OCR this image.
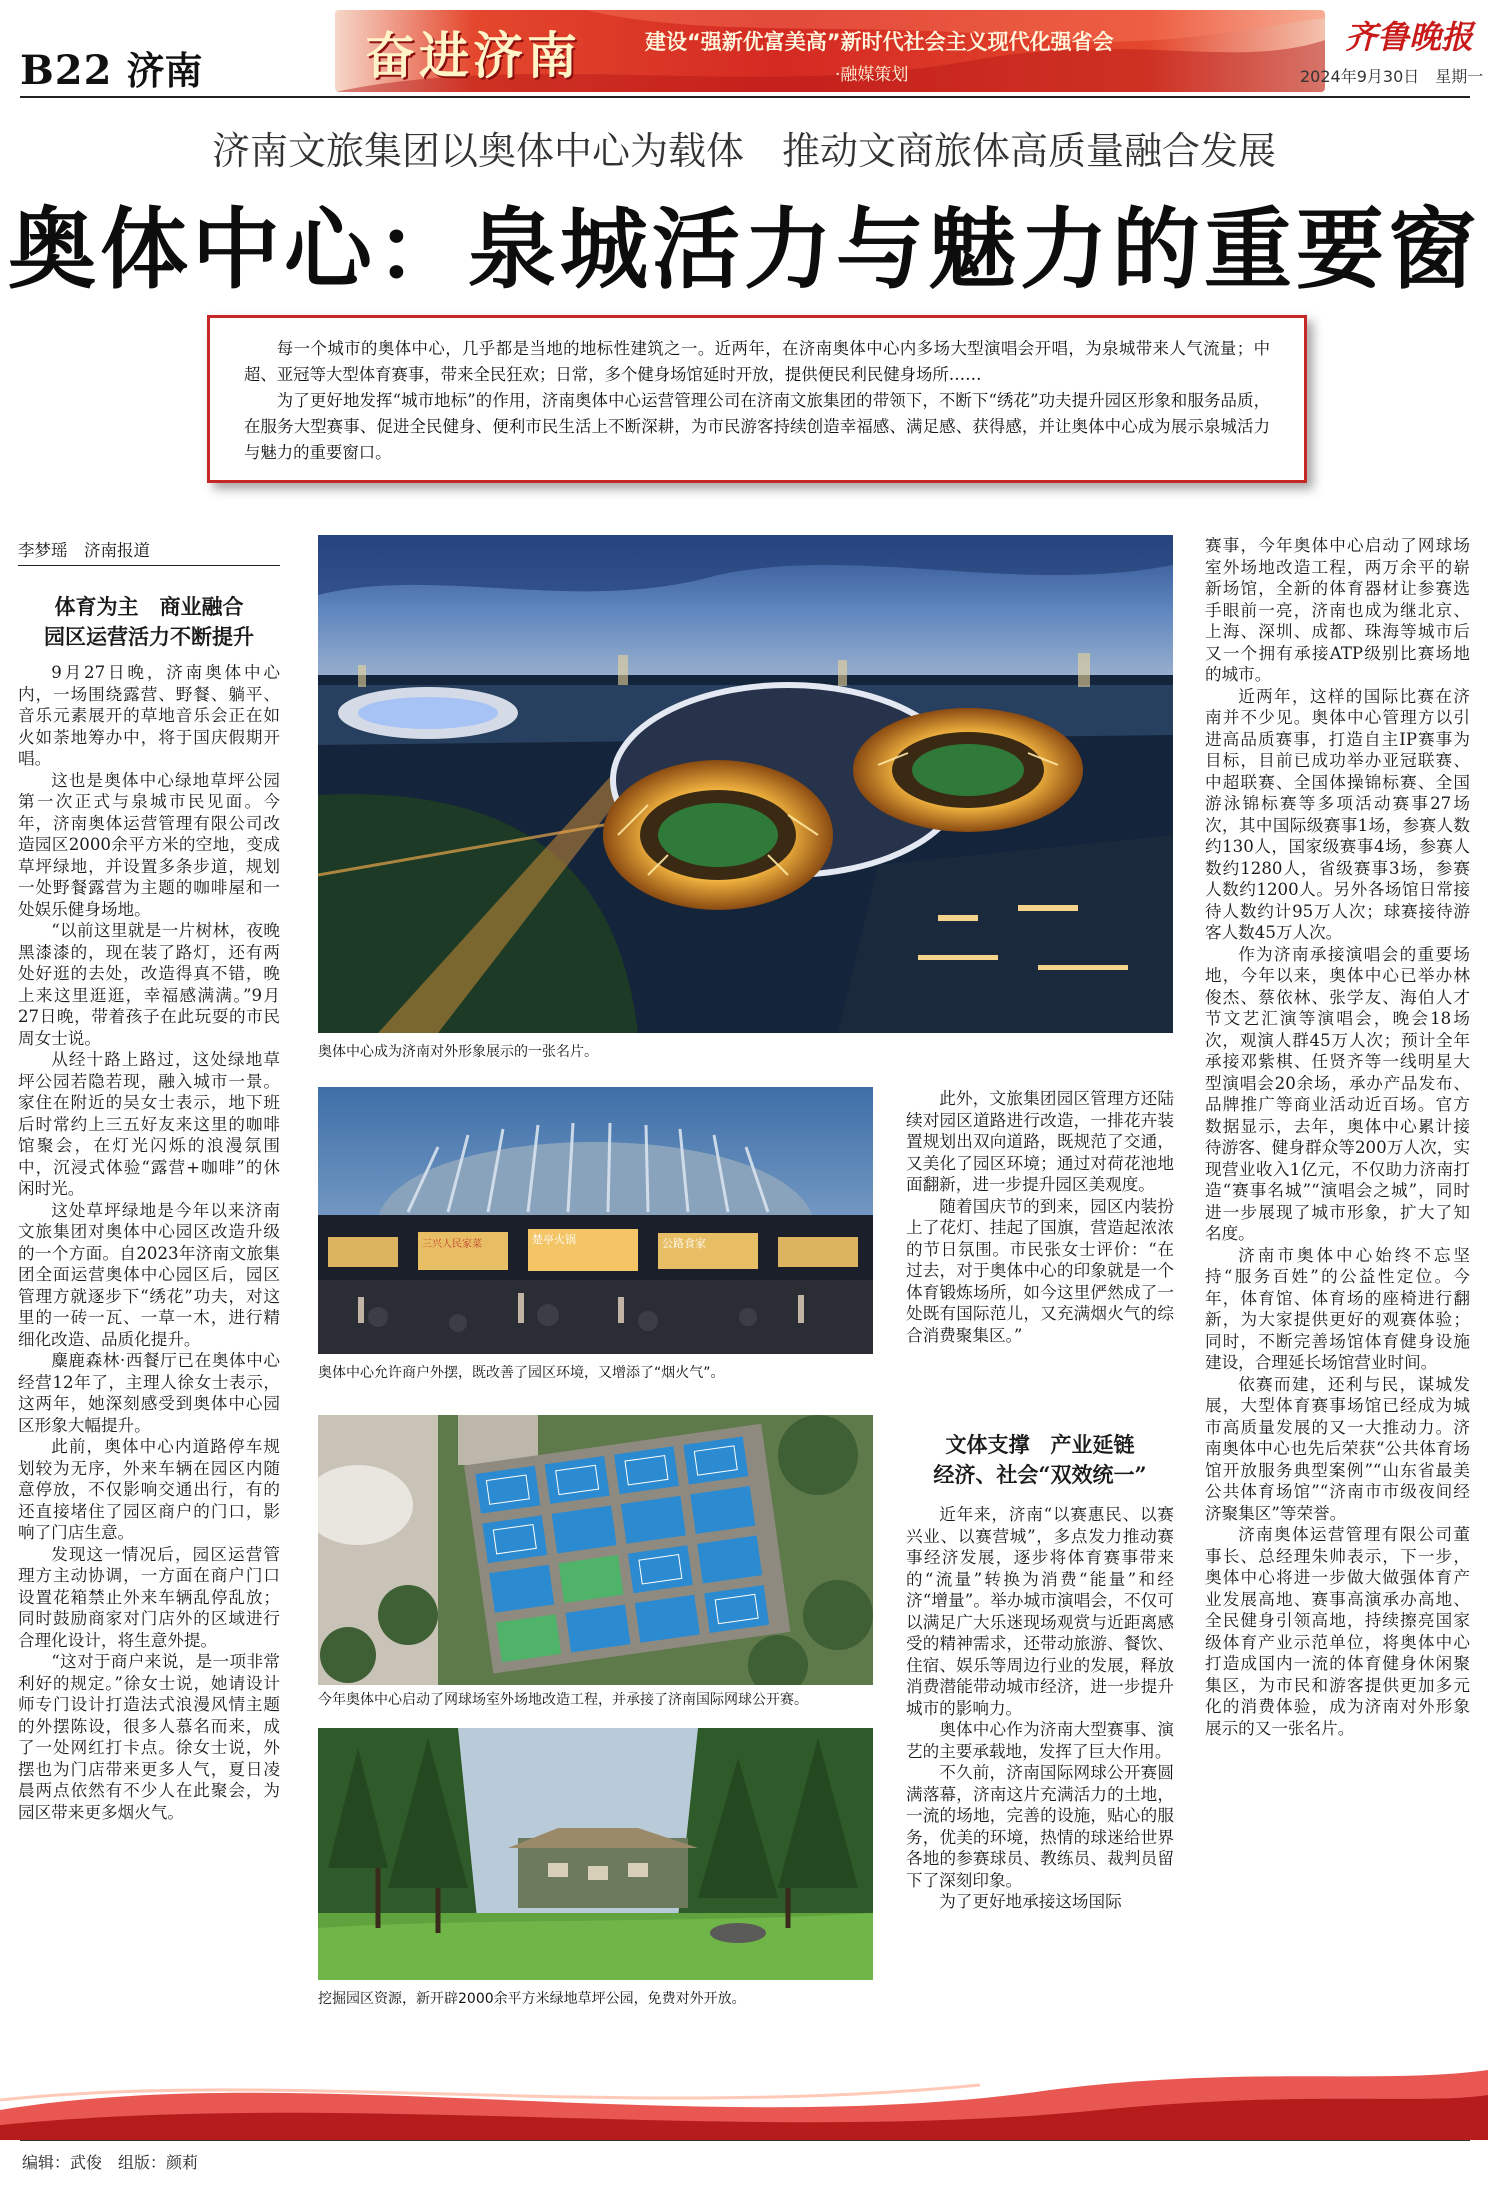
B22 济南	奋进济南	建设“强新优富美高”新时代社会主义现代化强省会
·融媒策划
齐鲁晚报
2024年9月30日　星期一
济南文旅集团以奥体中心为载体　推动文商旅体高质量融合发展
奥体中心：泉城活力与魅力的重要窗

每一个城市的奥体中心，几乎都是当地的地标性建筑之一。近两年，在济南奥体中心内多场大型演唱会开唱，为泉城带来人气流量；中超、亚冠等大型体育赛事，带来全民狂欢；日常，多个健身场馆延时开放，提供便民利民健身场所……

为了更好地发挥“城市地标”的作用，济南奥体中心运营管理公司在济南文旅集团的带领下，不断下“绣花”功夫提升园区形象和服务品质，在服务大型赛事、促进全民健身、便利市民生活上不断深耕，为市民游客持续创造幸福感、满足感、获得感，并让奥体中心成为展示泉城活力与魅力的重要窗口。

李梦瑶　济南报道
体育为主　商业融合
园区运营活力不断提升

9月27日晚，济南奥体中心内，一场围绕露营、野餐、躺平、音乐元素展开的草地音乐会正在如火如荼地筹办中，将于国庆假期开唱。

这也是奥体中心绿地草坪公园第一次正式与泉城市民见面。今年，济南奥体运营管理有限公司改造园区2000余平方米的空地，变成草坪绿地，并设置多条步道，规划一处野餐露营为主题的咖啡屋和一处娱乐健身场地。

“以前这里就是一片树林，夜晚黑漆漆的，现在装了路灯，还有两处好逛的去处，改造得真不错，晚上来这里逛逛，幸福感满满。”9月27日晚，带着孩子在此玩耍的市民周女士说。

从经十路上路过，这处绿地草坪公园若隐若现，融入城市一景。家住在附近的吴女士表示，地下班后时常约上三五好友来这里的咖啡馆聚会，在灯光闪烁的浪漫氛围中，沉浸式体验“露营+咖啡”的休闲时光。

这处草坪绿地是今年以来济南文旅集团对奥体中心园区改造升级的一个方面。自2023年济南文旅集团全面运营奥体中心园区后，园区管理方就逐步下“绣花”功夫，对这里的一砖一瓦、一草一木，进行精细化改造、品质化提升。

麋鹿森林·西餐厅已在奥体中心经营12年了，主理人徐女士表示，这两年，她深刻感受到奥体中心园区形象大幅提升。

此前，奥体中心内道路停车规划较为无序，外来车辆在园区内随意停放，不仅影响交通出行，有的还直接堵住了园区商户的门口，影响了门店生意。

发现这一情况后，园区运营管理方主动协调，一方面在商户门口设置花箱禁止外来车辆乱停乱放；同时鼓励商家对门店外的区域进行合理化设计，将生意外提。

“这对于商户来说，是一项非常利好的规定。”徐女士说，她请设计师专门设计打造法式浪漫风情主题的外摆陈设，很多人慕名而来，成了一处网红打卡点。徐女士说，外摆也为门店带来更多人气，夏日凌晨两点依然有不少人在此聚会，为园区带来更多烟火气。

奥体中心成为济南对外形象展示的一张名片。
三兴人民家菜	楚亭火锅	公路食家
奥体中心允许商户外摆，既改善了园区环境，又增添了“烟火气”。
今年奥体中心启动了网球场室外场地改造工程，并承接了济南国际网球公开赛。
挖掘园区资源，新开辟2000余平方米绿地草坪公园，免费对外开放。

此外，文旅集团园区管理方还陆续对园区道路进行改造，一排花卉装置规划出双向道路，既规范了交通，又美化了园区环境；通过对荷花池地面翻新，进一步提升园区美观度。

随着国庆节的到来，园区内装扮上了花灯、挂起了国旗，营造起浓浓的节日氛围。市民张女士评价：“在过去，对于奥体中心的印象就是一个体育锻炼场所，如今这里俨然成了一处既有国际范儿，又充满烟火气的综合消费聚集区。”

文体支撑　产业延链
经济、社会“双效统一”

近年来，济南“以赛惠民、以赛兴业、以赛营城”，多点发力推动赛事经济发展，逐步将体育赛事带来的“流量”转换为消费“能量”和经济“增量”。举办城市演唱会，不仅可以满足广大乐迷现场观赏与近距离感受的精神需求，还带动旅游、餐饮、住宿、娱乐等周边行业的发展，释放消费潜能带动城市经济，进一步提升城市的影响力。

奥体中心作为济南大型赛事、演艺的主要承载地，发挥了巨大作用。

不久前，济南国际网球公开赛圆满落幕，济南这片充满活力的土地，一流的场地，完善的设施，贴心的服务，优美的环境，热情的球迷给世界各地的参赛球员、教练员、裁判员留下了深刻印象。

为了更好地承接这场国际

赛事，今年奥体中心启动了网球场室外场地改造工程，两万余平的崭新场馆，全新的体育器材让参赛选手眼前一亮，济南也成为继北京、上海、深圳、成都、珠海等城市后又一个拥有承接ATP级别比赛场地的城市。

近两年，这样的国际比赛在济南并不少见。奥体中心管理方以引进高品质赛事，打造自主IP赛事为目标，目前已成功举办亚冠联赛、中超联赛、全国体操锦标赛、全国游泳锦标赛等多项活动赛事27场次，其中国际级赛事1场，参赛人数约130人，国家级赛事4场，参赛人数约1280人，省级赛事3场，参赛人数约1200人。另外各场馆日常接待人数约计95万人次；球赛接待游客人数45万人次。

作为济南承接演唱会的重要场地，今年以来，奥体中心已举办林俊杰、蔡依林、张学友、海伯人才节文艺汇演等演唱会，晚会18场次，观演人群45万人次；预计全年承接邓紫棋、任贤齐等一线明星大型演唱会20余场，承办产品发布、品牌推广等商业活动近百场。官方数据显示，去年，奥体中心累计接待游客、健身群众等200万人次，实现营业收入1亿元，不仅助力济南打造“赛事名城”“演唱会之城”，同时进一步展现了城市形象，扩大了知名度。

济南市奥体中心始终不忘坚持“服务百姓”的公益性定位。今年，体育馆、体育场的座椅进行翻新，为大家提供更好的观赛体验；同时，不断完善场馆体育健身设施建设，合理延长场馆营业时间。

依赛而建，还利与民，谋城发展，大型体育赛事场馆已经成为城市高质量发展的又一大推动力。济南奥体中心也先后荣获“公共体育场馆开放服务典型案例”“山东省最美公共体育场馆”“济南市市级夜间经济聚集区”等荣誉。

济南奥体运营管理有限公司董事长、总经理朱帅表示，下一步，奥体中心将进一步做大做强体育产业发展高地、赛事高演承办高地、全民健身引领高地，持续擦亮国家级体育产业示范单位，将奥体中心打造成国内一流的体育健身休闲聚集区，为市民和游客提供更加多元化的消费体验，成为济南对外形象展示的又一张名片。

编辑：武俊　组版：颜莉
